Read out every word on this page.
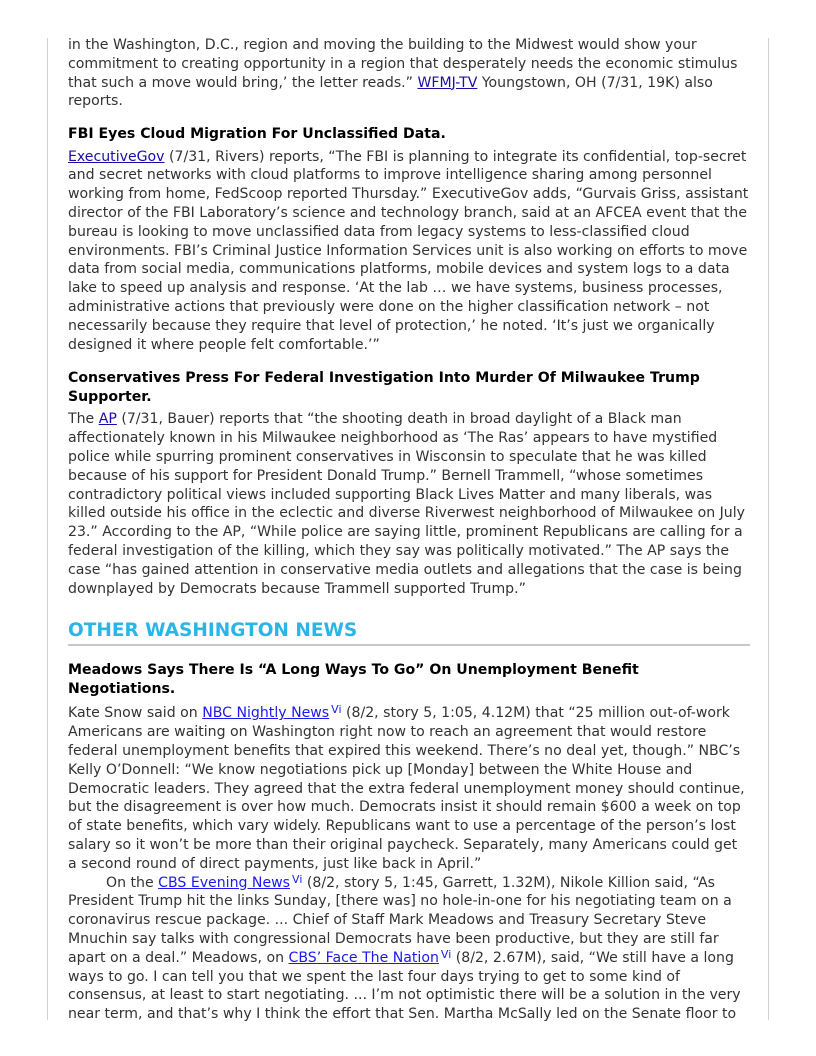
in the Washington, D.C., region and moving the building to the Midwest would show your commitment to creating opportunity in a region that desperately needs the economic stimulus that such a move would bring,’ the letter reads.” WFMJ-TV Youngstown, OH (7/31, 19K) also reports.

FBI Eyes Cloud Migration For Unclassified Data.

ExecutiveGov (7/31, Rivers) reports, “The FBI is planning to integrate its confidential, top-secret and secret networks with cloud platforms to improve intelligence sharing among personnel working from home, FedScoop reported Thursday.” ExecutiveGov adds, “Gurvais Griss, assistant director of the FBI Laboratory’s science and technology branch, said at an AFCEA event that the bureau is looking to move unclassified data from legacy systems to less-classified cloud environments. FBI’s Criminal Justice Information Services unit is also working on efforts to move data from social media, communications platforms, mobile devices and system logs to a data lake to speed up analysis and response. ‘At the lab … we have systems, business processes, administrative actions that previously were done on the higher classification network – not necessarily because they require that level of protection,’ he noted. ‘It’s just we organically designed it where people felt comfortable.’”

Conservatives Press For Federal Investigation Into Murder Of Milwaukee Trump Supporter.

The AP (7/31, Bauer) reports that “the shooting death in broad daylight of a Black man affectionately known in his Milwaukee neighborhood as ‘The Ras’ appears to have mystified police while spurring prominent conservatives in Wisconsin to speculate that he was killed because of his support for President Donald Trump.” Bernell Trammell, “whose sometimes contradictory political views included supporting Black Lives Matter and many liberals, was killed outside his office in the eclectic and diverse Riverwest neighborhood of Milwaukee on July 23.” According to the AP, “While police are saying little, prominent Republicans are calling for a federal investigation of the killing, which they say was politically motivated.” The AP says the case “has gained attention in conservative media outlets and allegations that the case is being downplayed by Democrats because Trammell supported Trump.”

OTHER WASHINGTON NEWS
Meadows Says There Is “A Long Ways To Go” On Unemployment Benefit Negotiations.

Kate Snow said on NBC Nightly News $^{Vi}$ (8/2, story 5, 1:05, 4.12M) that “25 million out-of-work Americans are waiting on Washington right now to reach an agreement that would restore federal unemployment benefits that expired this weekend. There’s no deal yet, though.” NBC’s Kelly O’Donnell: “We know negotiations pick up [Monday] between the White House and Democratic leaders. They agreed that the extra federal unemployment money should continue, but the disagreement is over how much. Democrats insist it should remain $600 a week on top of state benefits, which vary widely. Republicans want to use a percentage of the person’s lost salary so it won’t be more than their original paycheck. Separately, many Americans could get a second round of direct payments, just like back in April.”

On the CBS Evening News $^{Vi}$ (8/2, story 5, 1:45, Garrett, 1.32M), Nikole Killion said, “As President Trump hit the links Sunday, [there was] no hole-in-one for his negotiating team on a coronavirus rescue package. ... Chief of Staff Mark Meadows and Treasury Secretary Steve Mnuchin say talks with congressional Democrats have been productive, but they are still far apart on a deal.” Meadows, on CBS’ Face The Nation $^{Vi}$ (8/2, 2.67M), said, “We still have a long ways to go. I can tell you that we spent the last four days trying to get to some kind of consensus, at least to start negotiating. ... I’m not optimistic there will be a solution in the very near term, and that’s why I think the effort that Sen. Martha McSally led on the Senate floor to
